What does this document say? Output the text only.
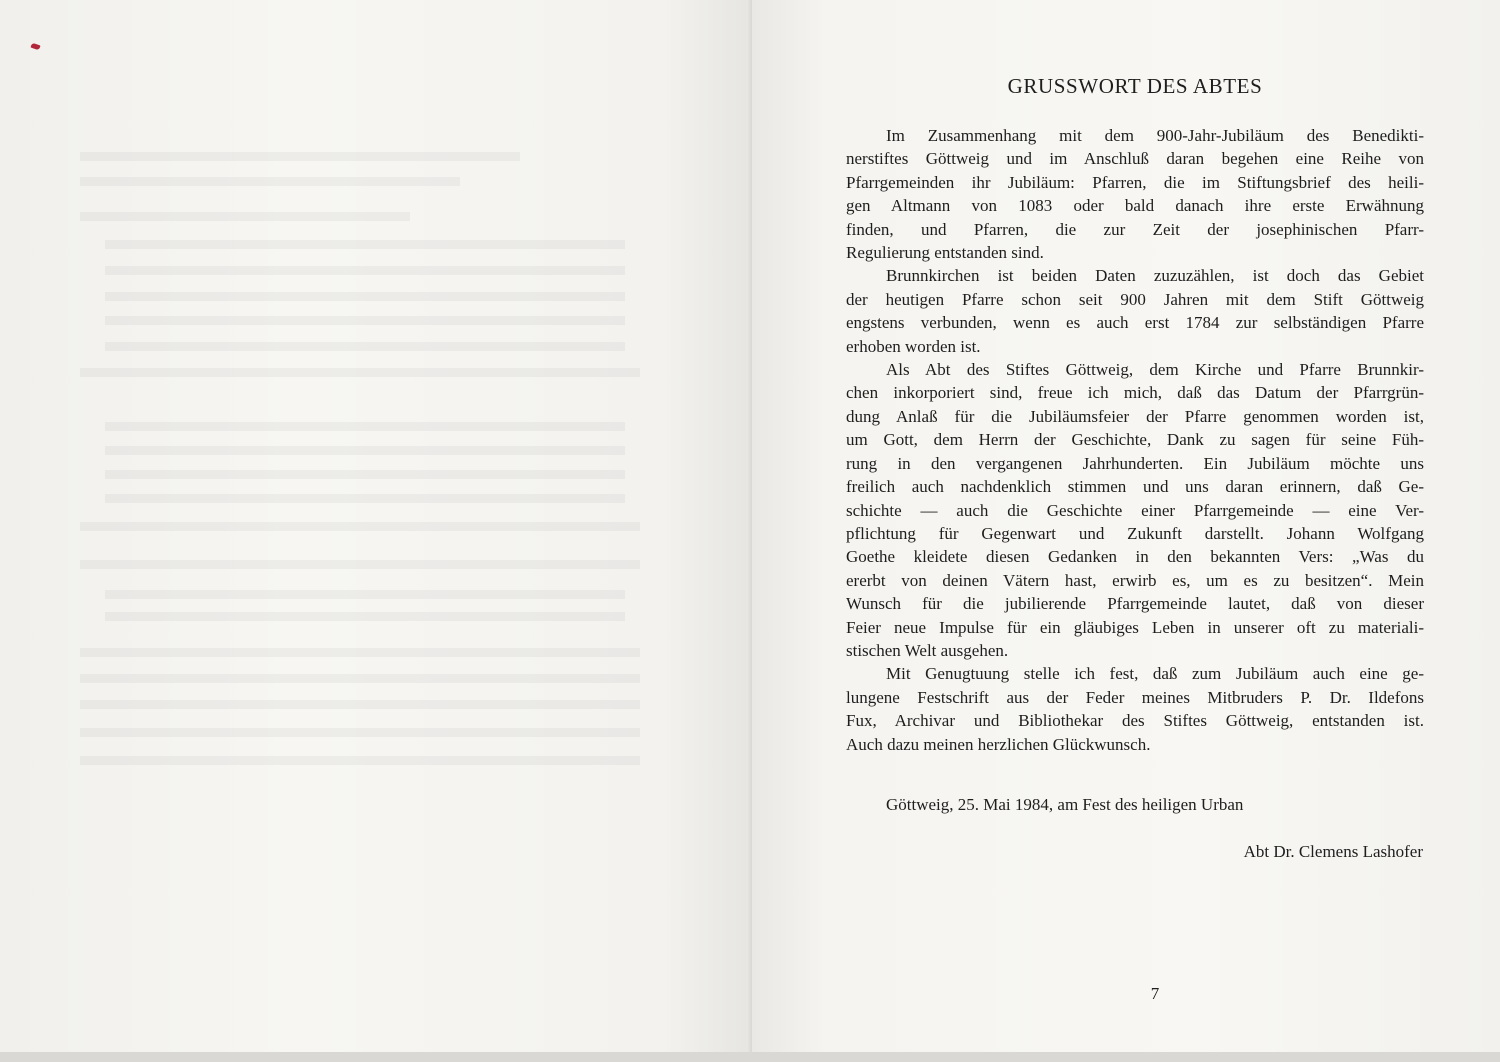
GRUSSWORT DES ABTES
Im Zusammenhang mit dem 900-Jahr-Jubiläum des Benedikti-
nerstiftes Göttweig und im Anschluß daran begehen eine Reihe von
Pfarrgemeinden ihr Jubiläum: Pfarren, die im Stiftungsbrief des heili-
gen Altmann von 1083 oder bald danach ihre erste Erwähnung
finden, und Pfarren, die zur Zeit der josephinischen Pfarr-
Regulierung entstanden sind.
Brunnkirchen ist beiden Daten zuzuzählen, ist doch das Gebiet
der heutigen Pfarre schon seit 900 Jahren mit dem Stift Göttweig
engstens verbunden, wenn es auch erst 1784 zur selbständigen Pfarre
erhoben worden ist.
Als Abt des Stiftes Göttweig, dem Kirche und Pfarre Brunnkir-
chen inkorporiert sind, freue ich mich, daß das Datum der Pfarrgrün-
dung Anlaß für die Jubiläumsfeier der Pfarre genommen worden ist,
um Gott, dem Herrn der Geschichte, Dank zu sagen für seine Füh-
rung in den vergangenen Jahrhunderten. Ein Jubiläum möchte uns
freilich auch nachdenklich stimmen und uns daran erinnern, daß Ge-
schichte — auch die Geschichte einer Pfarrgemeinde — eine Ver-
pflichtung für Gegenwart und Zukunft darstellt. Johann Wolfgang
Goethe kleidete diesen Gedanken in den bekannten Vers: „Was du
ererbt von deinen Vätern hast, erwirb es, um es zu besitzen“. Mein
Wunsch für die jubilierende Pfarrgemeinde lautet, daß von dieser
Feier neue Impulse für ein gläubiges Leben in unserer oft zu materiali-
stischen Welt ausgehen.
Mit Genugtuung stelle ich fest, daß zum Jubiläum auch eine ge-
lungene Festschrift aus der Feder meines Mitbruders P. Dr. Ildefons
Fux, Archivar und Bibliothekar des Stiftes Göttweig, entstanden ist.
Auch dazu meinen herzlichen Glückwunsch.
Göttweig, 25. Mai 1984, am Fest des heiligen Urban
Abt Dr. Clemens Lashofer
7
